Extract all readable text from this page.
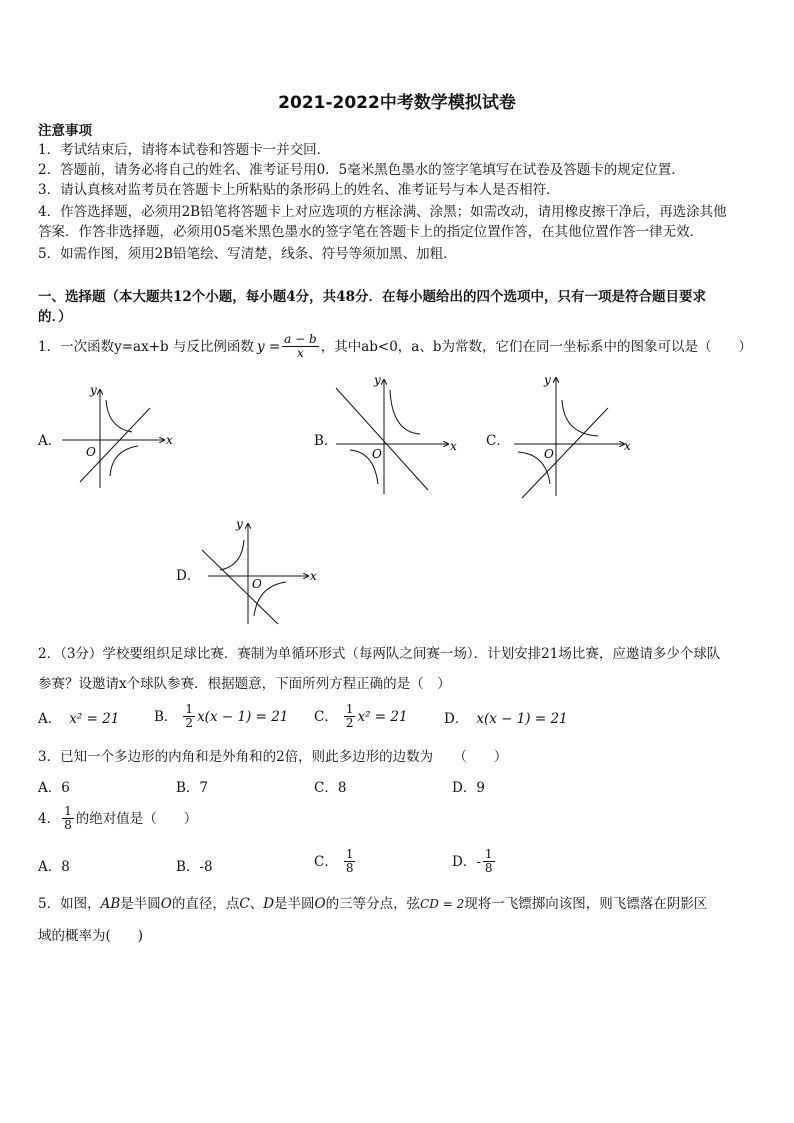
2021-2022中考数学模拟试卷
注意事项
1．考试结束后，请将本试卷和答题卡一并交回．
2．答题前，请务必将自己的姓名、准考证号用0．5毫米黑色墨水的签字笔填写在试卷及答题卡的规定位置．
3．请认真核对监考员在答题卡上所粘贴的条形码上的姓名、准考证号与本人是否相符．
4．作答选择题，必须用2B铅笔将答题卡上对应选项的方框涂满、涂黑；如需改动，请用橡皮擦干净后，再选涂其他
答案．作答非选择题，必须用05毫米黑色墨水的签字笔在答题卡上的指定位置作答，在其他位置作答一律无效．
5．如需作图，须用2B铅笔绘、写清楚，线条、符号等须加黑、加粗．
一、选择题（本大题共12个小题，每小题4分，共48分．在每小题给出的四个选项中，只有一项是符合题目要求
的．）
1．一次函数y=ax+b 与反比例函数 $y = \frac{a - b}{x}$ ，其中ab<0，a、b为常数，它们在同一坐标系中的图象可以是（　　）
A．	B．	C．
D．
x
y
O	x
y
O
x
y
O
x
y
O
2．（3分）学校要组织足球比赛．赛制为单循环形式（每两队之间赛一场）．计划安排21场比赛，应邀请多少个球队
参赛？设邀请x个球队参赛．根据题意，下面所列方程正确的是（　）
A． x² = 21	B． $\frac{1}{2} x(x - 1) = 21$ C． $\frac{1}{2} x^2 = 21$	D． x(x − 1) = 21
3．已知一个多边形的内角和是外角和的2倍，则此多边形的边数为　　（　　）
A．6	B．7	C．8	D．9
4． $\frac{1}{8}$ 的绝对值是（　　）
A．8	B．-8	C． $\frac{1}{8}$	D．- $\frac{1}{8}$
5．如图，AB是半圆O的直径，点C、D是半圆O的三等分点，弦CD = 2现将一飞镖掷向该图，则飞镖落在阴影区
域的概率为(　　)
